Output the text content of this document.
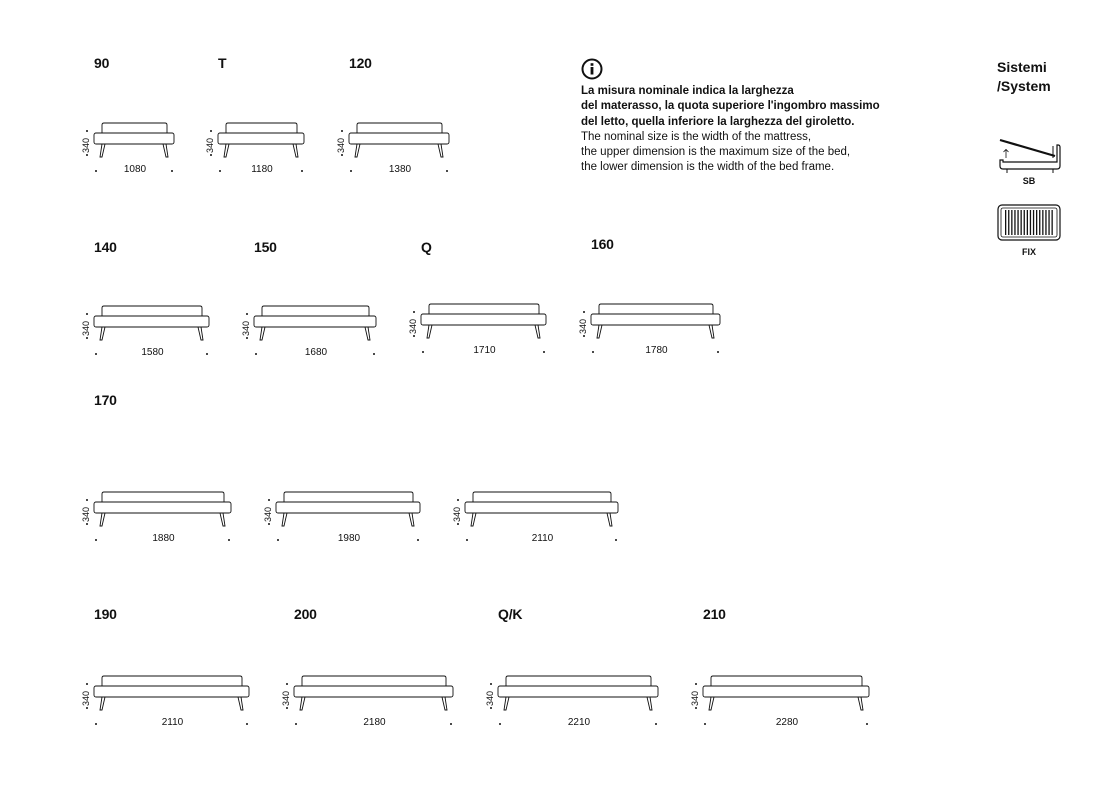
90
340
1080
T
340
1180
120
340
1380
140
340
1580
150
340
1680
Q
340
1710
160
340
1780
170
340
1880
340
1980
340
2110
190
340
2110
200
340
2180
Q/K
340
2210
210
340
2280
La misura nominale indica la larghezza
del materasso, la quota superiore l'ingombro massimo
del letto, quella inferiore la larghezza del giroletto.
The nominal size is the width of the mattress,
the upper dimension is the maximum size of the bed,
the lower dimension is the width of the bed frame.
Sistemi
/System
SB
FIX
